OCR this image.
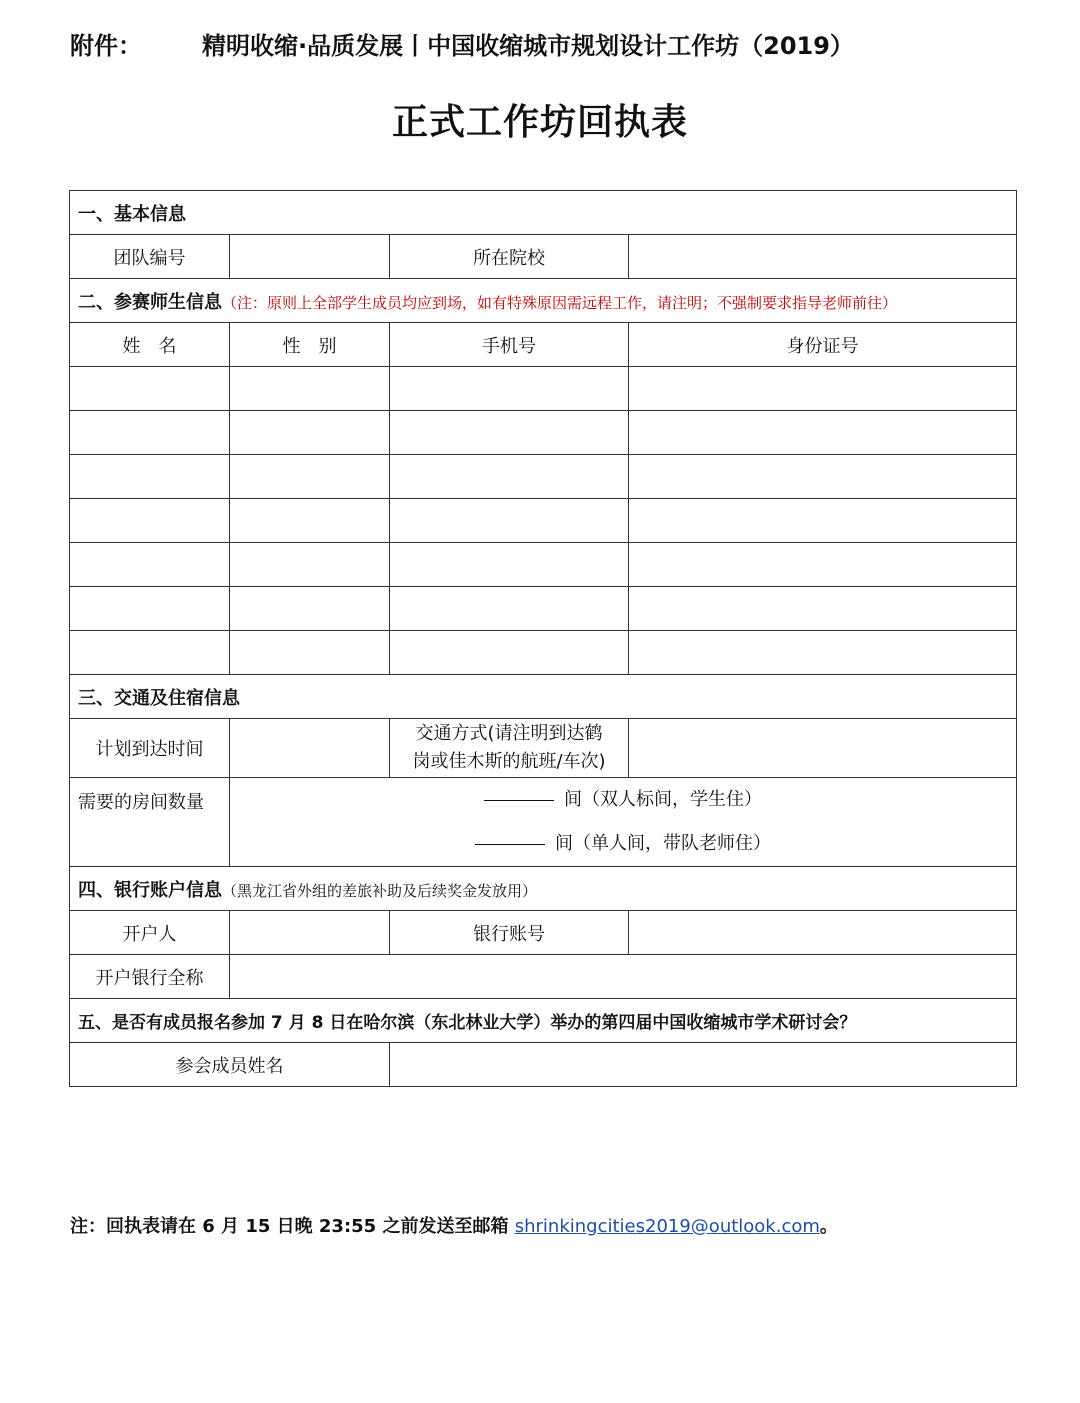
附件：	精明收缩·品质发展丨中国收缩城市规划设计工作坊（2019）
正式工作坊回执表
一、基本信息			
团队编号		所在院校	
二、参赛师生信息（注：原则上全部学生成员均应到场，如有特殊原因需远程工作，请注明；不强制要求指导老师前往）			
姓　名	性　别	手机号	身份证号

三、交通及住宿信息			
计划到达时间		交通方式(请注明到达鹤
岗或佳木斯的航班/车次)	

需要的房间数量	间（双人标间，学生住）
间（单人间，带队老师住）		

四、银行账户信息（黑龙江省外组的差旅补助及后续奖金发放用）			
开户人		银行账号	
开户银行全称			
五、是否有成员报名参加 7 月 8 日在哈尔滨（东北林业大学）举办的第四届中国收缩城市学术研讨会？			
参会成员姓名			
注：回执表请在 6 月 15 日晚 23:55 之前发送至邮箱 shrinkingcities2019@outlook.com。
